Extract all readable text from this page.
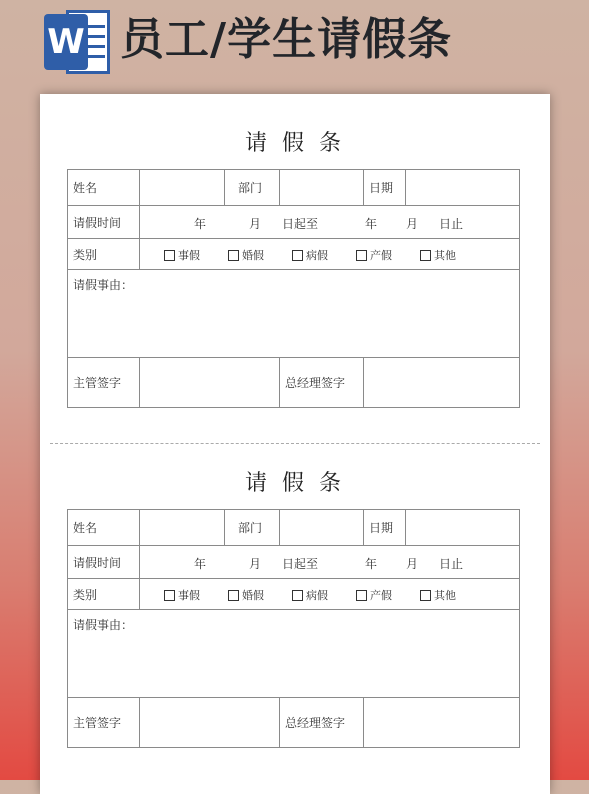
W 员工/学生请假条
请 假 条
姓名	部门	日期
请假时间	年	月 日起至	年 月 日止
类别	事假	婚假	病假	产假	其他
请假事由：
主管签字	总经理签字
请 假 条
姓名	部门	日期
请假时间	年	月 日起至	年 月 日止
类别	事假	婚假	病假	产假	其他
请假事由：
主管签字	总经理签字
